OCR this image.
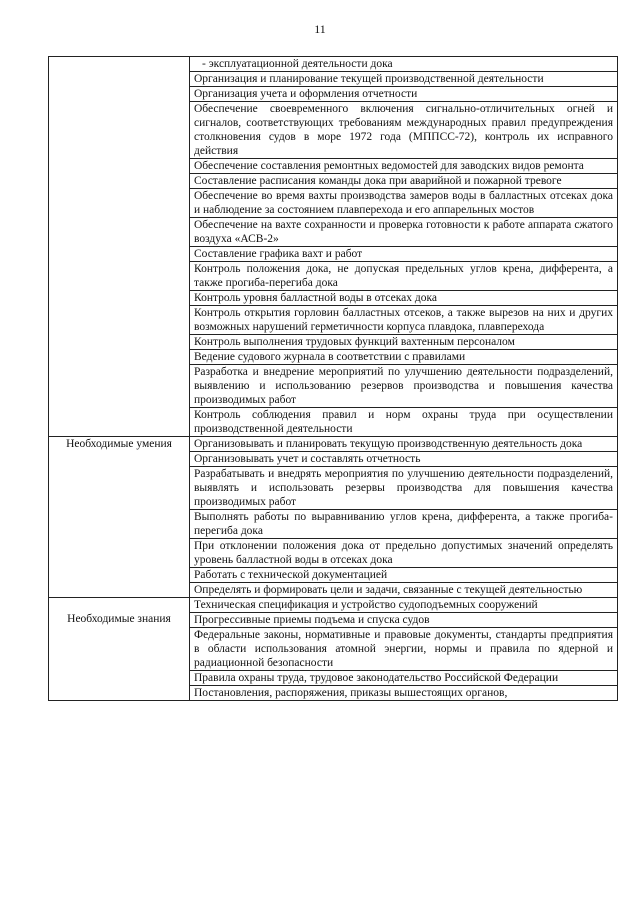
11
	- эксплуатационной деятельности дока
	Организация и планирование текущей производственной деятельности
	Организация учета и оформления отчетности
	Обеспечение своевременного включения сигнально-отличительных огней и сигналов, соответствующих требованиям международных правил предупреждения столкновения судов в море 1972 года (МППСС-72), контроль их исправного действия
	Обеспечение составления ремонтных ведомостей для заводских видов ремонта
	Составление расписания команды дока при аварийной и пожарной тревоге
	Обеспечение во время вахты производства замеров воды в балластных отсеках дока и наблюдение за состоянием плавперехода и его аппарельных мостов
	Обеспечение на вахте сохранности и проверка готовности к работе аппарата сжатого воздуха «АСВ-2»
	Составление графика вахт и работ
	Контроль положения дока, не допуская предельных углов крена, дифферента, а также прогиба-перегиба дока
	Контроль уровня балластной воды в отсеках дока
	Контроль открытия горловин балластных отсеков, а также вырезов на них и других возможных нарушений герметичности корпуса плавдока, плавперехода
	Контроль выполнения трудовых функций вахтенным персоналом
	Ведение судового журнала в соответствии с правилами
	Разработка и внедрение мероприятий по улучшению деятельности подразделений, выявлению и использованию резервов производства и повышения качества производимых работ
	Контроль соблюдения правил и норм охраны труда при осуществлении производственной деятельности

Необходимые умения	Организовывать и планировать текущую производственную деятельность дока
	Организовывать учет и составлять отчетность
	Разрабатывать и внедрять мероприятия по улучшению деятельности подразделений, выявлять и использовать резервы производства для повышения качества производимых работ
	Выполнять работы по выравниванию углов крена, дифферента, а также прогиба-перегиба дока
	При отклонении положения дока от предельно допустимых значений определять уровень балластной воды в отсеках дока
	Работать с технической документацией
	Определять и формировать цели и задачи, связанные с текущей деятельностью

Необходимые знания	Техническая спецификация и устройство судоподъемных сооружений
	Прогрессивные приемы подъема и спуска судов
	Федеральные законы, нормативные и правовые документы, стандарты предприятия в области использования атомной энергии, нормы и правила по ядерной и радиационной безопасности
	Правила охраны труда, трудовое законодательство Российской Федерации
	Постановления, распоряжения, приказы вышестоящих органов,
